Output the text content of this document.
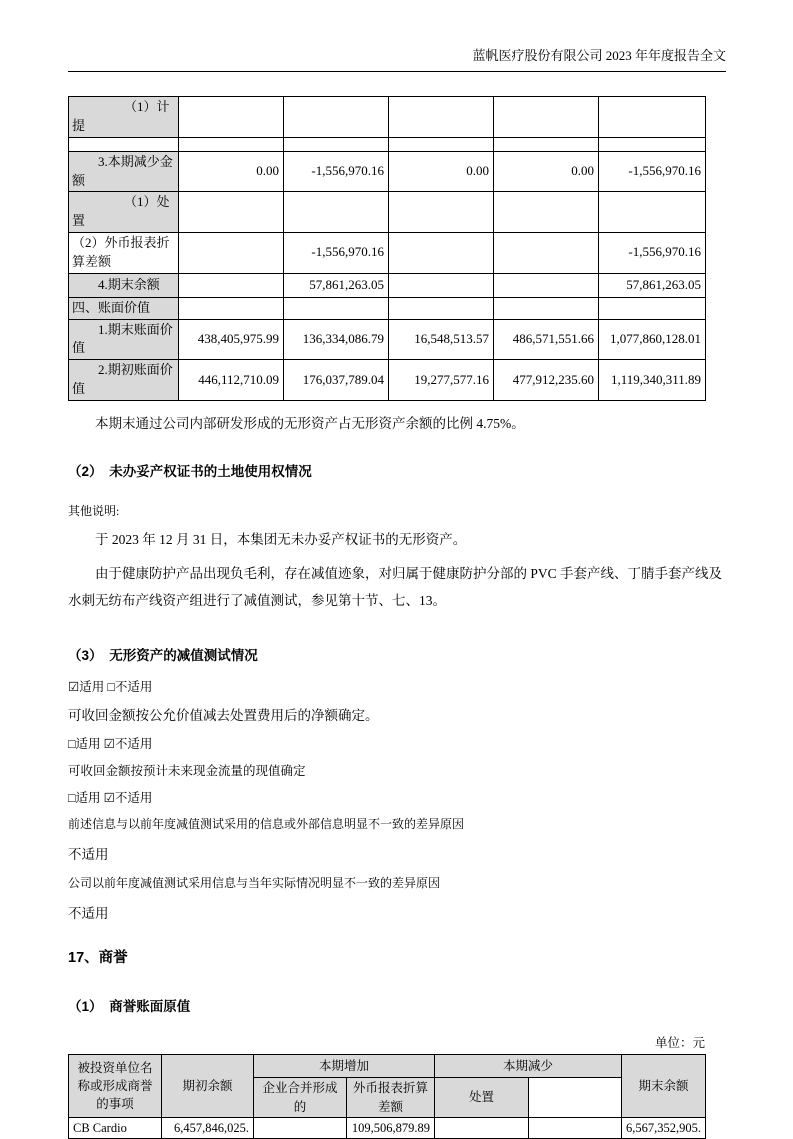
蓝帆医疗股份有限公司 2023 年年度报告全文
（1）计提					

3.本期减少金额	0.00	-1,556,970.16	0.00	0.00	-1,556,970.16
（1）处置					
（2）外币报表折算差额		-1,556,970.16			-1,556,970.16
4.期末余额		57,861,263.05			57,861,263.05
四、账面价值					
1.期末账面价值	438,405,975.99	136,334,086.79	16,548,513.57	486,571,551.66	1,077,860,128.01
2.期初账面价值	446,112,710.09	176,037,789.04	19,277,577.16	477,912,235.60	1,119,340,311.89

本期末通过公司内部研发形成的无形资产占无形资产余额的比例 4.75%。

（2）　未办妥产权证书的土地使用权情况
其他说明:

于 2023 年 12 月 31 日，本集团无未办妥产权证书的无形资产。

由于健康防护产品出现负毛利，存在减值迹象，对归属于健康防护分部的 PVC 手套产线、丁腈手套产线及水刺无纺布产线资产组进行了减值测试，参见第十节、七、13。

（3）　无形资产的减值测试情况
☑适用 □不适用
可收回金额按公允价值减去处置费用后的净额确定。
□适用 ☑不适用
可收回金额按预计未来现金流量的现值确定
□适用 ☑不适用
前述信息与以前年度减值测试采用的信息或外部信息明显不一致的差异原因
不适用
公司以前年度减值测试采用信息与当年实际情况明显不一致的差异原因
不适用
17、商誉
（1）　商誉账面原值
单位：元
被投资单位名称或形成商誉的事项	期初余额	本期增加		本期减少		期末余额
		企业合并形成的	外币报表折算差额	处置		
CB Cardio	6,457,846,025.		109,506,879.89			6,567,352,905.
